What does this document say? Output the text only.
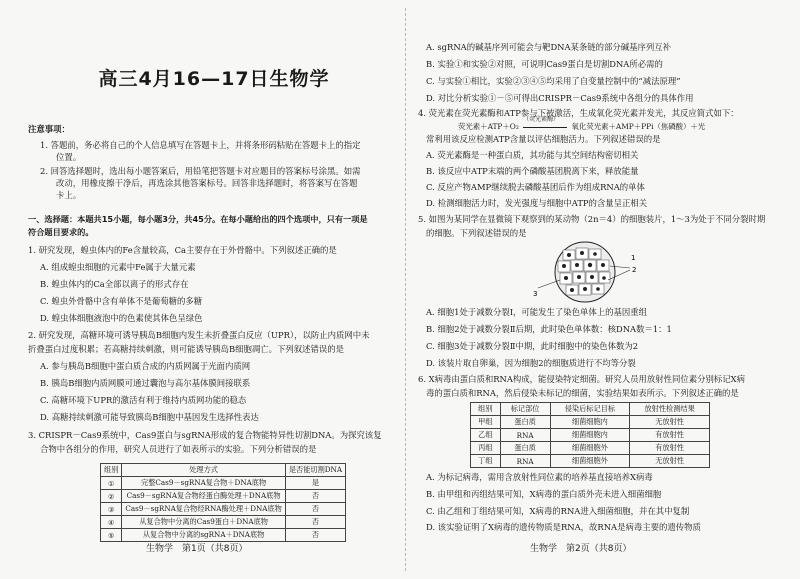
高三4月16—17日生物学
注意事项：
1. 答题前，务必将自己的个人信息填写在答题卡上，并将条形码粘贴在答题卡上的指定
位置。
2. 回答选择题时，选出每小题答案后，用铅笔把答题卡对应题目的答案标号涂黑。如需
改动，用橡皮擦干净后，再选涂其他答案标号。回答非选择题时，将答案写在答题
卡上。
一、选择题：本题共15小题，每小题3分，共45分。在每小题给出的四个选项中，只有一项是
符合题目要求的。
1. 研究发现，蝗虫体内的Fe含量较高，Ca主要存在于外骨骼中。下列叙述正确的是
A. 组成蝗虫细胞的元素中Fe属于大量元素
B. 蝗虫体内的Ca全部以离子的形式存在
C. 蝗虫外骨骼中含有单体不是葡萄糖的多糖
D. 蝗虫体细胞液泡中的色素使其体色呈绿色
2. 研究发现，高糖环境可诱导胰岛B细胞内发生未折叠蛋白反应（UPR），以防止内质网中未
折叠蛋白过度积累；若高糖持续刺激，则可能诱导胰岛B细胞凋亡。下列叙述错误的是
A. 参与胰岛B细胞中蛋白质合成的内质网属于光面内质网
B. 胰岛B细胞内质网膜可通过囊泡与高尔基体膜间接联系
C. 高糖环境下UPR的激活有利于维持内质网功能的稳态
D. 高糖持续刺激可能导致胰岛B细胞中基因发生选择性表达
3. CRISPR－Cas9系统中，Cas9蛋白与sgRNA形成的复合物能特异性切割DNA。为探究该复
合物中各组分的作用，研究人员进行了如表所示的实验。下列分析错误的是
组别	处理方式	是否能切割DNA
①	完整Cas9－sgRNA复合物＋DNA底物	是
②	Cas9－sgRNA复合物经蛋白酶处理＋DNA底物	否
③	Cas9－sgRNA复合物经RNA酶处理＋DNA底物	否
④	从复合物中分离的Cas9蛋白＋DNA底物	否
⑤	从复合物中分离的sgRNA＋DNA底物	否
生物学　第1页（共8页）
A. sgRNA的碱基序列可能会与靶DNA某条链的部分碱基序列互补
B. 实验①和实验②对照，可说明Cas9蛋白是切割DNA所必需的
C. 与实验①相比，实验②③④⑤均采用了自变量控制中的“减法原理”
D. 对比分析实验①－⑤可得出CRISPR－Cas9系统中各组分的具体作用
4. 荧光素在荧光素酶和ATP参与下被激活，生成氧化荧光素并发光，其反应简式如下：
荧光素＋ATP＋O₂
（荧光素酶）
氧化荧光素＋AMP＋PPi（焦磷酸）＋光
常利用该反应检测ATP含量以评估细胞活力。下列叙述错误的是
A. 荧光素酶是一种蛋白质，其功能与其空间结构密切相关
B. 该反应中ATP末端的两个磷酸基团脱离下来，释放能量
C. 反应产物AMP继续脱去磷酸基团后作为组成RNA的单体
D. 检测细胞活力时，发光强度与细胞中ATP的含量呈正相关
5. 如图为某同学在显微镜下观察到的某动物（2n＝4）的细胞装片，1～3为处于不同分裂时期
的细胞。下列叙述错误的是
1
2
3
A. 细胞1处于减数分裂Ⅰ，可能发生了染色单体上的基因重组
B. 细胞2处于减数分裂Ⅱ后期，此时染色单体数：核DNA数＝1：1
C. 细胞3处于减数分裂Ⅱ中期，此时细胞中的染色体数为2
D. 该装片取自卵巢，因为细胞2的细胞质进行不均等分裂
6. X病毒由蛋白质和RNA构成，能侵染特定细菌。研究人员用放射性同位素分别标记X病
毒的蛋白质和RNA，然后侵染未标记的细菌，实验结果如表所示。下列叙述正确的是
组别	标记部位	侵染后标记目标	放射性检测结果
甲组	蛋白质	细菌细胞内	无放射性
乙组	RNA	细菌细胞内	有放射性
丙组	蛋白质	细菌细胞外	有放射性
丁组	RNA	细菌细胞外	无放射性
A. 为标记病毒，需用含放射性同位素的培养基直接培养X病毒
B. 由甲组和丙组结果可知，X病毒的蛋白质外壳未进入细菌细胞
C. 由乙组和丁组结果可知，X病毒的RNA进入细菌细胞，并在其中复制
D. 该实验证明了X病毒的遗传物质是RNA，故RNA是病毒主要的遗传物质
生物学　第2页（共8页）
